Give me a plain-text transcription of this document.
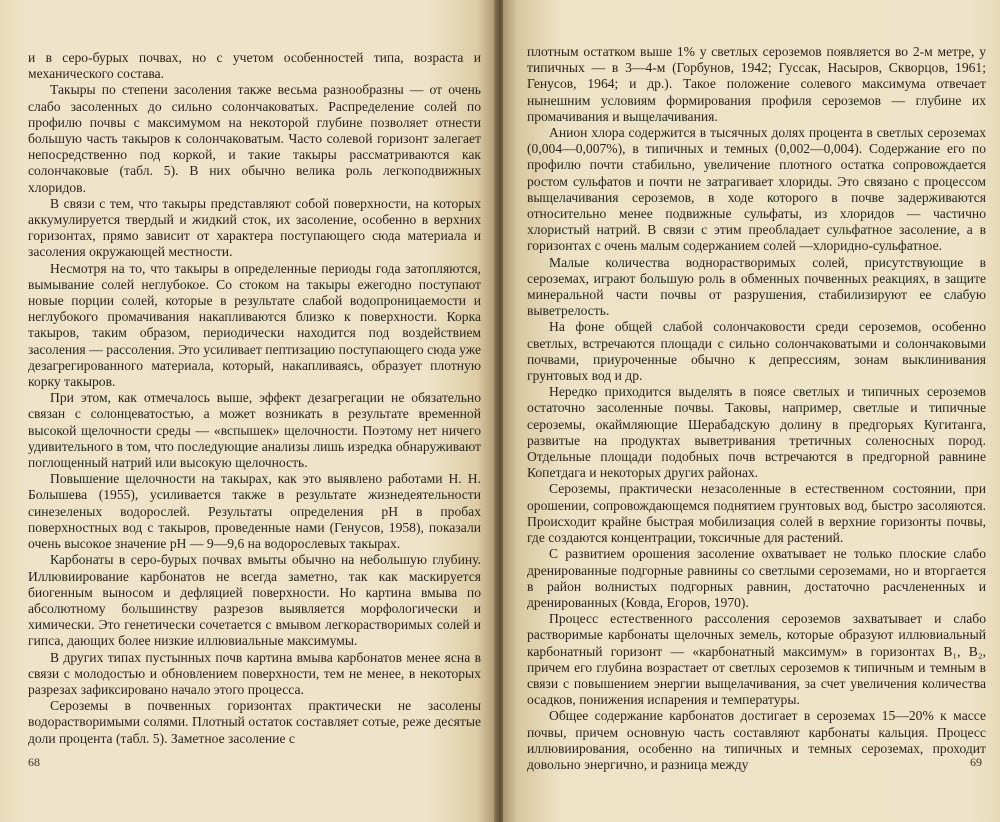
и в серо-бурых почвах, но с учетом особенностей типа, возраста и механического состава.

Такыры по степени засоления также весьма разнообразны — от очень слабо засоленных до сильно солончаковатых. Распределение солей по профилю почвы с максимумом на некоторой глубине позволяет отнести большую часть такыров к солончаковатым. Часто солевой горизонт залегает непосредственно под коркой, и такие такыры рассматриваются как солончаковые (табл. 5). В них обычно велика роль легкоподвижных хлоридов.

В связи с тем, что такыры представляют собой поверхности, на которых аккумулируется твердый и жидкий сток, их засоление, особенно в верхних горизонтах, прямо зависит от характера поступающего сюда материала и засоления окружающей местности.

Несмотря на то, что такыры в определенные периоды года затопляются, вымывание солей неглубокое. Со стоком на такыры ежегодно поступают новые порции солей, которые в результате слабой водопроницаемости и неглубокого промачивания накапливаются близко к поверхности. Корка такыров, таким образом, периодически находится под воздействием засоления — рассоления. Это усиливает пептизацию поступающего сюда уже дезагрегированного материала, который, накапливаясь, образует плотную корку такыров.

При этом, как отмечалось выше, эффект дезагрегации не обязательно связан с солонцеватостью, а может возникать в результате временной высокой щелочности среды — «вспышек» щелочности. Поэтому нет ничего удивительного в том, что последующие анализы лишь изредка обнаруживают поглощенный натрий или высокую щелочность.

Повышение щелочности на такырах, как это выявлено работами Н. Н. Болышева (1955), усиливается также в результате жизнедеятельности синезеленых водорослей. Результаты определения рН в пробах поверхностных вод с такыров, проведенные нами (Генусов, 1958), показали очень высокое значение рН — 9—9,6 на водорослевых такырах.

Карбонаты в серо-бурых почвах вмыты обычно на небольшую глубину. Иллювиирование карбонатов не всегда заметно, так как маскируется биогенным выносом и дефляцией поверхности. Но картина вмыва по абсолютному большинству разрезов выявляется морфологически и химически. Это генетически сочетается с вмывом легкорастворимых солей и гипса, дающих более низкие иллювиальные максимумы.

В других типах пустынных почв картина вмыва карбонатов менее ясна в связи с молодостью и обновлением поверхности, тем не менее, в некоторых разрезах зафиксировано начало этого процесса.

Сероземы в почвенных горизонтах практически не засолены водорастворимыми солями. Плотный остаток составляет сотые, реже десятые доли процента (табл. 5). Заметное засоление с

68

плотным остатком выше 1% у светлых сероземов появляется во 2-м метре, у типичных — в 3—4-м (Горбунов, 1942; Гуссак, Насыров, Скворцов, 1961; Генусов, 1964; и др.). Такое положение солевого максимума отвечает нынешним условиям формирования профиля сероземов — глубине их промачивания и выщелачивания.

Анион хлора содержится в тысячных долях процента в светлых сероземах (0,004—0,007%), в типичных и темных (0,002—0,004). Содержание его по профилю почти стабильно, увеличение плотного остатка сопровождается ростом сульфатов и почти не затрагивает хлориды. Это связано с процессом выщелачивания сероземов, в ходе которого в почве задерживаются относительно менее подвижные сульфаты, из хлоридов — частично хлористый натрий. В связи с этим преобладает сульфатное засоление, а в горизонтах с очень малым содержанием солей —хлоридно-сульфатное.

Малые количества воднорастворимых солей, присутствующие в сероземах, играют большую роль в обменных почвенных реакциях, в защите минеральной части почвы от разрушения, стабилизируют ее слабую выветрелость.

На фоне общей слабой солончаковости среди сероземов, особенно светлых, встречаются площади с сильно солончаковатыми и солончаковыми почвами, приуроченные обычно к депрессиям, зонам выклинивания грунтовых вод и др.

Нередко приходится выделять в поясе светлых и типичных сероземов остаточно засоленные почвы. Таковы, например, светлые и типичные сероземы, окаймляющие Шерабадскую долину в предгорьях Кугитанга, развитые на продуктах выветривания третичных соленосных пород. Отдельные площади подобных почв встречаются в предгорной равнине Копетдага и некоторых других районах.

Сероземы, практически незасоленные в естественном состоянии, при орошении, сопровождающемся поднятием грунтовых вод, быстро засоляются. Происходит крайне быстрая мобилизация солей в верхние горизонты почвы, где создаются концентрации, токсичные для растений.

С развитием орошения засоление охватывает не только плоские слабо дренированные подгорные равнины со светлыми сероземами, но и вторгается в район волнистых подгорных равнин, достаточно расчлененных и дренированных (Ковда, Егоров, 1970).

Процесс естественного рассоления сероземов захватывает и слабо растворимые карбонаты щелочных земель, которые образуют иллювиальный карбонатный горизонт — «карбонатный максимум» в горизонтах B₁, B₂, причем его глубина возрастает от светлых сероземов к типичным и темным в связи с повышением энергии выщелачивания, за счет увеличения количества осадков, понижения испарения и температуры.

Общее содержание карбонатов достигает в сероземах 15—20% к массе почвы, причем основную часть составляют карбонаты кальция. Процесс иллювиирования, особенно на типичных и темных сероземах, проходит довольно энергично, и разница между	69
